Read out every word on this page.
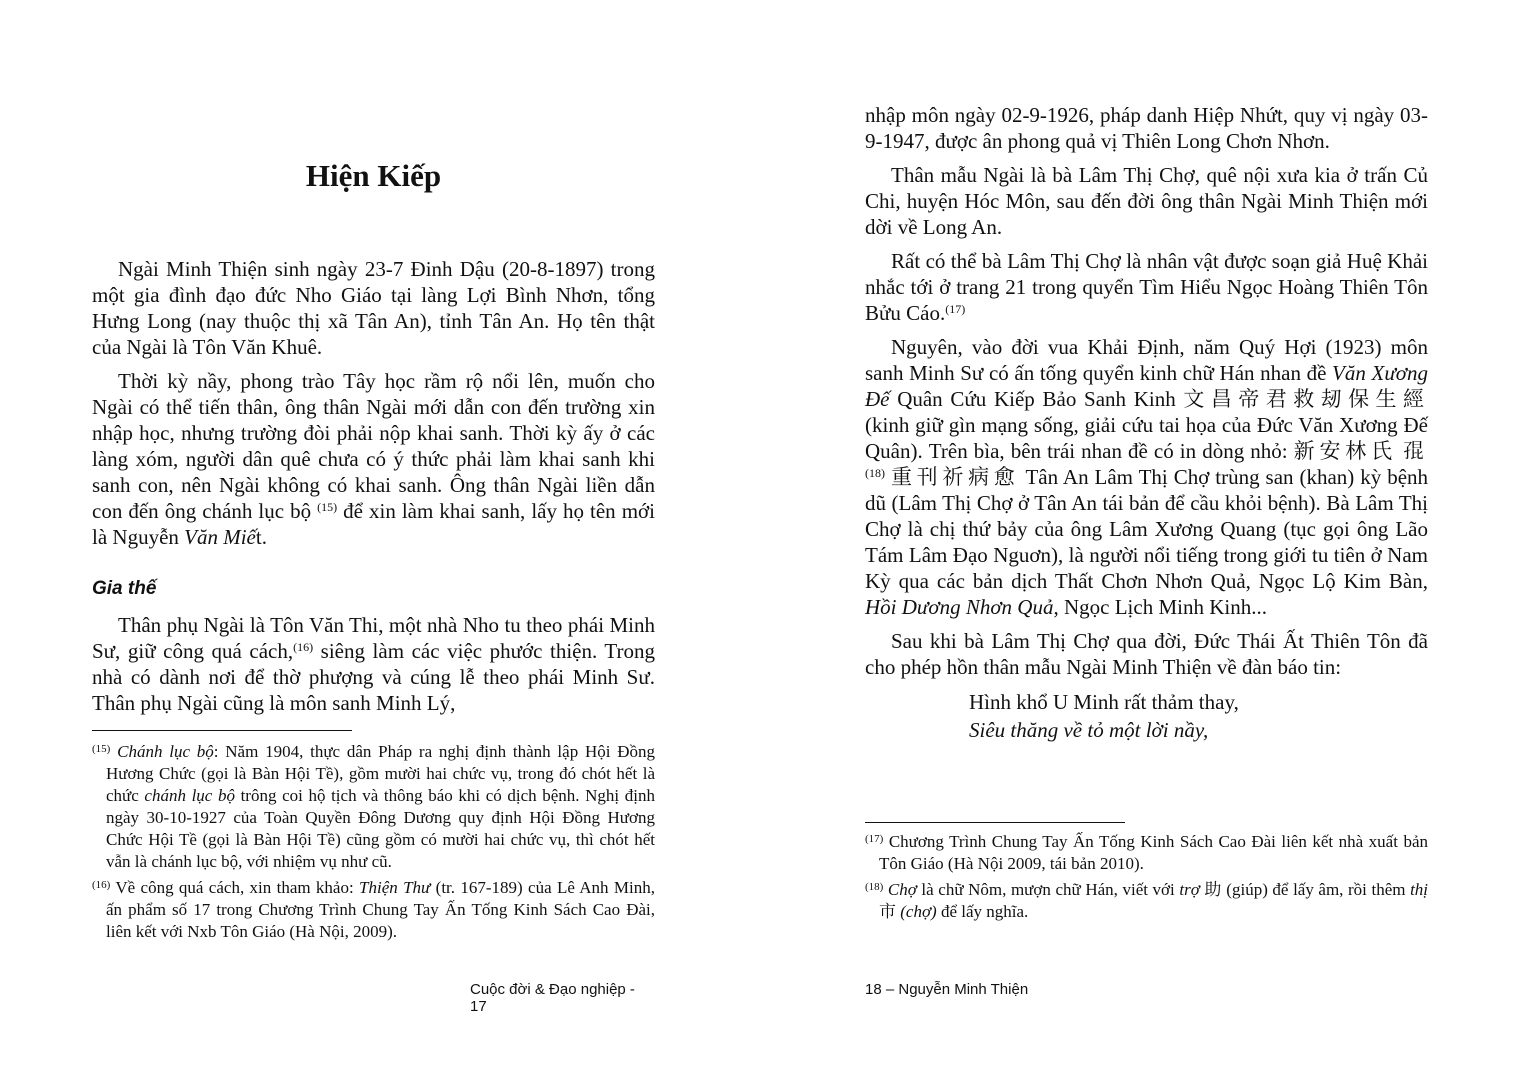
Hiện Kiếp

Ngài Minh Thiện sinh ngày 23-7 Đinh Dậu (20-8-1897) trong một gia đình đạo đức Nho Giáo tại làng Lợi Bình Nhơn, tổng Hưng Long (nay thuộc thị xã Tân An), tỉnh Tân An. Họ tên thật của Ngài là Tôn Văn Khuê.

Thời kỳ nầy, phong trào Tây học rầm rộ nổi lên, muốn cho Ngài có thể tiến thân, ông thân Ngài mới dẫn con đến trường xin nhập học, nhưng trường đòi phải nộp khai sanh. Thời kỳ ấy ở các làng xóm, người dân quê chưa có ý thức phải làm khai sanh khi sanh con, nên Ngài không có khai sanh. Ông thân Ngài liền dẫn con đến ông chánh lục bộ $^{(15)}$ để xin làm khai sanh, lấy họ tên mới là Nguyễn Văn Miết.

Gia thế

Thân phụ Ngài là Tôn Văn Thi, một nhà Nho tu theo phái Minh Sư, giữ công quá cách,$^{(16)}$ siêng làm các việc phước thiện. Trong nhà có dành nơi để thờ phượng và cúng lễ theo phái Minh Sư. Thân phụ Ngài cũng là môn sanh Minh Lý,

$^{(15)}$ Chánh lục bộ: Năm 1904, thực dân Pháp ra nghị định thành lập Hội Đồng Hương Chức (gọi là Bàn Hội Tề), gồm mười hai chức vụ, trong đó chót hết là chức chánh lục bộ trông coi hộ tịch và thông báo khi có dịch bệnh. Nghị định ngày 30-10-1927 của Toàn Quyền Đông Dương quy định Hội Đồng Hương Chức Hội Tề (gọi là Bàn Hội Tề) cũng gồm có mười hai chức vụ, thì chót hết vẫn là chánh lục bộ, với nhiệm vụ như cũ.

$^{(16)}$ Về công quá cách, xin tham khảo: Thiện Thư (tr. 167-189) của Lê Anh Minh, ấn phẩm số 17 trong Chương Trình Chung Tay Ấn Tống Kinh Sách Cao Đài, liên kết với Nxb Tôn Giáo (Hà Nội, 2009).

Cuộc đời & Đạo nghiệp - 17

nhập môn ngày 02-9-1926, pháp danh Hiệp Nhứt, quy vị ngày 03-9-1947, được ân phong quả vị Thiên Long Chơn Nhơn.

Thân mẫu Ngài là bà Lâm Thị Chợ, quê nội xưa kia ở trấn Củ Chi, huyện Hóc Môn, sau đến đời ông thân Ngài Minh Thiện mới dời về Long An.

Rất có thể bà Lâm Thị Chợ là nhân vật được soạn giả Huệ Khải nhắc tới ở trang 21 trong quyển Tìm Hiểu Ngọc Hoàng Thiên Tôn Bửu Cáo.$^{(17)}$

Nguyên, vào đời vua Khải Định, năm Quý Hợi (1923) môn sanh Minh Sư có ấn tống quyển kinh chữ Hán nhan đề Văn Xương Đế Quân Cứu Kiếp Bảo Sanh Kinh 文昌帝君救刼保生經 (kinh giữ gìn mạng sống, giải cứu tai họa của Đức Văn Xương Đế Quân). Trên bìa, bên trái nhan đề có in dòng nhỏ: 新安林氏 𡥵 $^{(18)}$ 重刊祈病愈 Tân An Lâm Thị Chợ trùng san (khan) kỳ bệnh dũ (Lâm Thị Chợ ở Tân An tái bản để cầu khỏi bệnh). Bà Lâm Thị Chợ là chị thứ bảy của ông Lâm Xương Quang (tục gọi ông Lão Tám Lâm Đạo Nguơn), là người nổi tiếng trong giới tu tiên ở Nam Kỳ qua các bản dịch Thất Chơn Nhơn Quả, Ngọc Lộ Kim Bàn, Hồi Dương Nhơn Quả, Ngọc Lịch Minh Kinh...

Sau khi bà Lâm Thị Chợ qua đời, Đức Thái Ất Thiên Tôn đã cho phép hồn thân mẫu Ngài Minh Thiện về đàn báo tin:

Hình khổ U Minh rất thảm thay,
Siêu thăng về tỏ một lời nầy,

$^{(17)}$ Chương Trình Chung Tay Ấn Tống Kinh Sách Cao Đài liên kết nhà xuất bản Tôn Giáo (Hà Nội 2009, tái bản 2010).

$^{(18)}$ Chợ là chữ Nôm, mượn chữ Hán, viết với trợ 助 (giúp) để lấy âm, rồi thêm thị 市 (chợ) để lấy nghĩa.

18 – Nguyễn Minh Thiện
